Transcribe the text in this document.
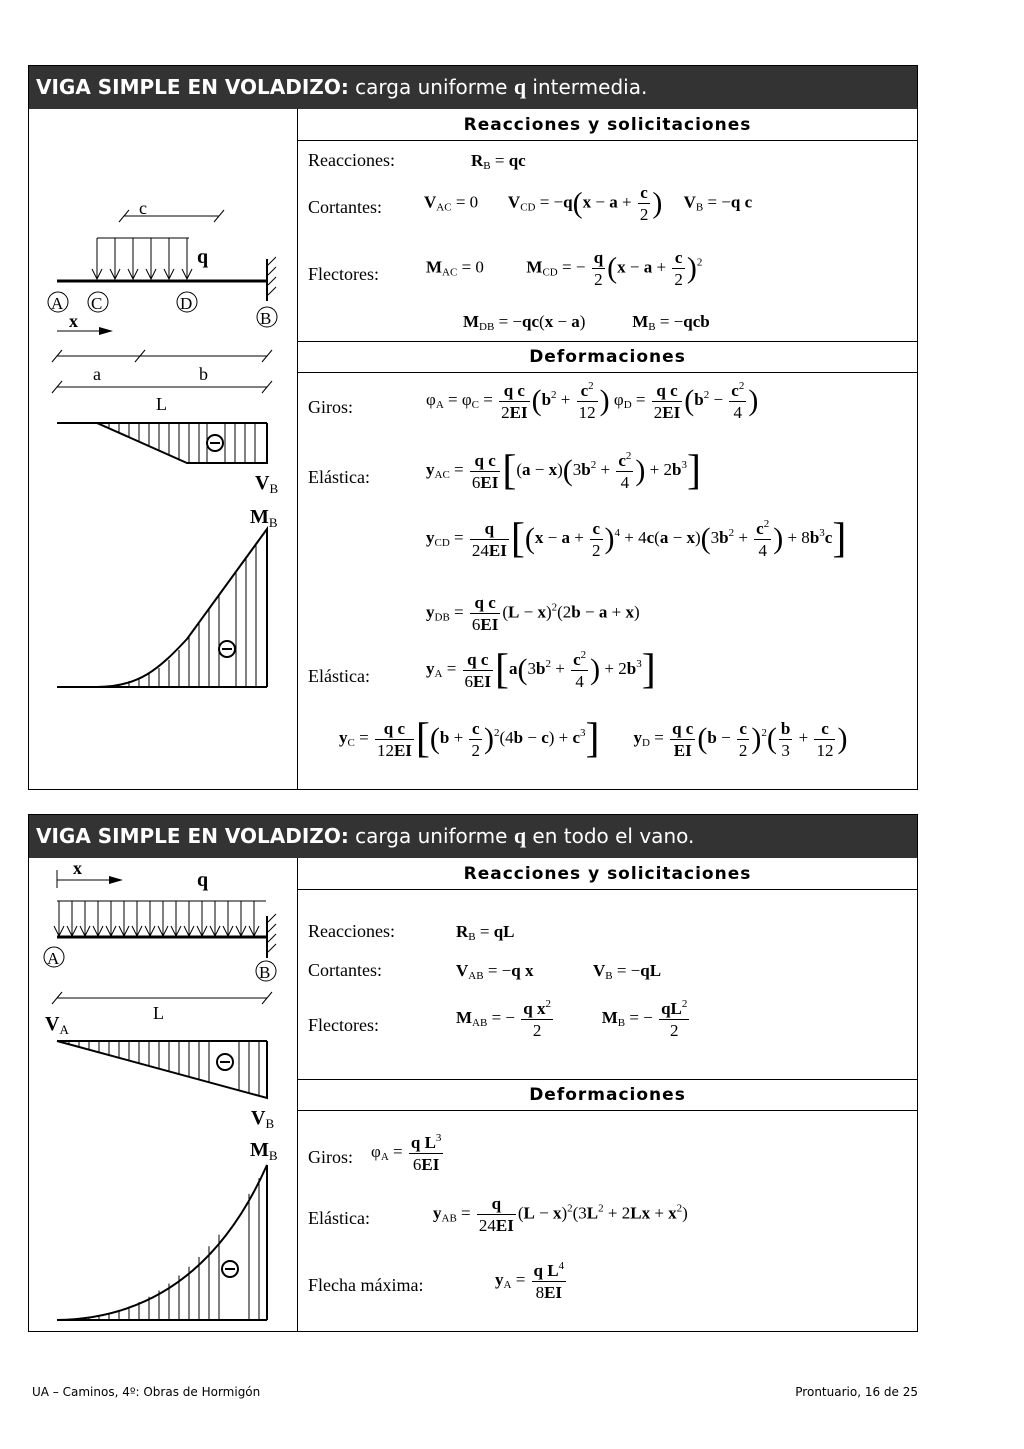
VIGA SIMPLE EN VOLADIZO: carga uniforme q intermedia.
c
q
A C	D
B
x
a	b
L
$V_B$
$M_B$
Reacciones y solicitaciones
Reacciones:	$R_B$ = qc
Cortantes: $V_{AC} = 0$       $V_{CD} = -q(x - a + \frac{c}{2}$ ) $V_B = -q$ c
Flectores:	$M_{AC} = 0$          $M_{CD}$ = − $\frac{q}{2} (x - a + \frac{c}{2} )^2$
$M_{DB} = -qc(x - a)$           $M_B = -qcb$
Deformaciones
Giros:	$\varphi_A = \varphi_C = \frac{\text{q c}}{2EI} (b^2 + \frac{c^2}{12}$ ) $\varphi_D = \frac{\text{q c}}{2EI} (b^2 - \frac{c^2}{4}$ )
Elástica:	$y_{AC} = \frac{\text{q c}}{6EI} [(a - x)(3b^2 + \frac{c^2}{4}$ ) + $2b^3$]
$y_{CD} = \frac{q}{24EI} [(x - a + \frac{c}{2} )^4 + 4c(a - x)(3b^2 + \frac{c^2}{4}$ ) + $8b^3c$]
$y_{DB} = \frac{\text{q c}}{6EI} (L - x)^2(2b - a + x)$
Elástica:	$y_A = \frac{\text{q c}}{6EI} [a(3b^2 + \frac{c^2}{4}$ ) + $2b^3$]
$y_C = \frac{\text{q c}}{12EI} [(b + \frac{c}{2} )^2(4b - c) + c^3] y_D = \frac{\text{q c}}{EI} (b - \frac{c}{2} )^2( \frac{b}{3} + \frac{c}{12}$ )
VIGA SIMPLE EN VOLADIZO: carga uniforme q en todo el vano.
x
q
A
B
L
$V_A$
$V_B$
$M_B$
Reacciones y solicitaciones
Reacciones:	$R_B$ = qL
Cortantes:	$V_{AB} = -q$ x	$V_B = -qL$
Flectores:	$M_{AB}$ = − $\frac{q x^2}{2}$	$M_B$ = − $\frac{qL^2}{2}$
Deformaciones
Giros: $\varphi_A = \frac{q L^3}{6EI}$
Elástica:	$y_{AB} = \frac{q}{24EI} (L - x)^2(3L^2 + 2Lx + x^2)$
Flecha máxima:	$y_A = \frac{q L^4}{8EI}$
UA – Caminos, 4º: Obras de Hormigón	Prontuario, 16 de 25
